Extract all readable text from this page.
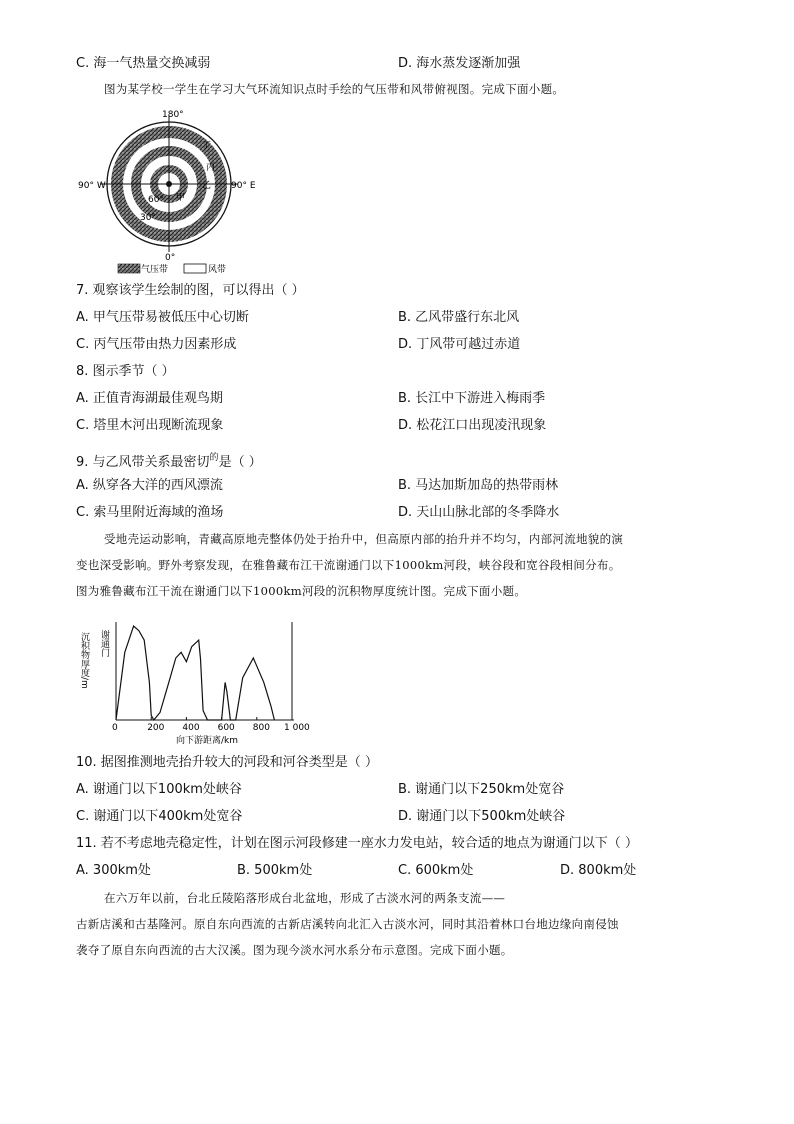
C. 海一气热量交换减弱	D. 海水蒸发逐渐加强
图为某学校一学生在学习大气环流知识点时手绘的气压带和风带俯视图。完成下面小题。
180°
0°
90° W	90° E
60°
30°
甲
乙
丙
丁
气压带	风带
7. 观察该学生绘制的图，可以得出（ ）
A. 甲气压带易被低压中心切断	B. 乙风带盛行东北风
C. 丙气压带由热力因素形成	D. 丁风带可越过赤道
8. 图示季节（ ）
A. 正值青海湖最佳观鸟期	B. 长江中下游进入梅雨季
C. 塔里木河出现断流现象	D. 松花江口出现凌汛现象
9. 与乙风带关系最密切$^的$是（ ）
A. 纵穿各大洋的西风漂流	B. 马达加斯加岛的热带雨林
C. 索马里附近海域的渔场	D. 天山山脉北部的冬季降水
受地壳运动影响，青藏高原地壳整体仍处于抬升中，但高原内部的抬升并不均匀，内部河流地貌的演
变也深受影响。野外考察发现，在雅鲁藏布江干流谢通门以下1000km河段，峡谷段和宽谷段相间分布。
图为雅鲁藏布江干流在谢通门以下1000km河段的沉积物厚度统计图。完成下面小题。
沉积物厚度/m 谢通门
0	200 400 600 800 1 000
向下游距离/km
10. 据图推测地壳抬升较大的河段和河谷类型是（ ）
A. 谢通门以下100km处峡谷	B. 谢通门以下250km处宽谷
C. 谢通门以下400km处宽谷	D. 谢通门以下500km处峡谷
11. 若不考虑地壳稳定性，计划在图示河段修建一座水力发电站，较合适的地点为谢通门以下（ ）
A. 300km处	B. 500km处	C. 600km处	D. 800km处
在六万年以前，台北丘陵陷落形成台北盆地，形成了古淡水河的两条支流——
古新店溪和古基隆河。原自东向西流的古新店溪转向北汇入古淡水河，同时其沿着林口台地边缘向南侵蚀
袭夺了原自东向西流的古大汉溪。图为现今淡水河水系分布示意图。完成下面小题。
